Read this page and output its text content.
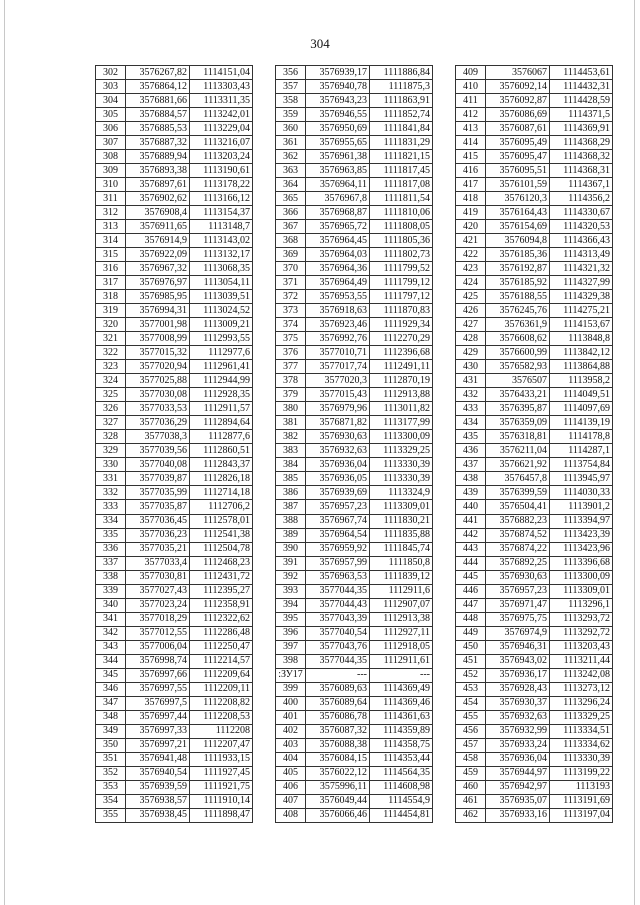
304
302	3576267,82	1114151,04
303	3576864,12	1113303,43
304	3576881,66	1113311,35
305	3576884,57	1113242,01
306	3576885,53	1113229,04
307	3576887,32	1113216,07
308	3576889,94	1113203,24
309	3576893,38	1113190,61
310	3576897,61	1113178,22
311	3576902,62	1113166,12
312	3576908,4	1113154,37
313	3576911,65	1113148,7
314	3576914,9	1113143,02
315	3576922,09	1113132,17
316	3576967,32	1113068,35
317	3576976,97	1113054,11
318	3576985,95	1113039,51
319	3576994,31	1113024,52
320	3577001,98	1113009,21
321	3577008,99	1112993,55
322	3577015,32	1112977,6
323	3577020,94	1112961,41
324	3577025,88	1112944,99
325	3577030,08	1112928,35
326	3577033,53	1112911,57
327	3577036,29	1112894,64
328	3577038,3	1112877,6
329	3577039,56	1112860,51
330	3577040,08	1112843,37
331	3577039,87	1112826,18
332	3577035,99	1112714,18
333	3577035,87	1112706,2
334	3577036,45	1112578,01
335	3577036,23	1112541,38
336	3577035,21	1112504,78
337	3577033,4	1112468,23
338	3577030,81	1112431,72
339	3577027,43	1112395,27
340	3577023,24	1112358,91
341	3577018,29	1112322,62
342	3577012,55	1112286,48
343	3577006,04	1112250,47
344	3576998,74	1112214,57
345	3576997,66	1112209,64
346	3576997,55	1112209,11
347	3576997,5	1112208,82
348	3576997,44	1112208,53
349	3576997,33	1112208
350	3576997,21	1112207,47
351	3576941,48	1111933,15
352	3576940,54	1111927,45
353	3576939,59	1111921,75
354	3576938,57	1111910,14
355	3576938,45	1111898,47
356	3576939,17	1111886,84
357	3576940,78	1111875,3
358	3576943,23	1111863,91
359	3576946,55	1111852,74
360	3576950,69	1111841,84
361	3576955,65	1111831,29
362	3576961,38	1111821,15
363	3576963,85	1111817,45
364	3576964,11	1111817,08
365	3576967,8	1111811,54
366	3576968,87	1111810,06
367	3576965,72	1111808,05
368	3576964,45	1111805,36
369	3576964,03	1111802,73
370	3576964,36	1111799,52
371	3576964,49	1111799,12
372	3576953,55	1111797,12
373	3576918,63	1111870,83
374	3576923,46	1111929,34
375	3576992,76	1112270,29
376	3577010,71	1112396,68
377	3577017,74	1112491,11
378	3577020,3	1112870,19
379	3577015,43	1112913,88
380	3576979,96	1113011,82
381	3576871,82	1113177,99
382	3576930,63	1113300,09
383	3576932,63	1113329,25
384	3576936,04	1113330,39
385	3576936,05	1113330,39
386	3576939,69	1113324,9
387	3576957,23	1113309,01
388	3576967,74	1111830,21
389	3576964,54	1111835,88
390	3576959,92	1111845,74
391	3576957,99	1111850,8
392	3576963,53	1111839,12
393	3577044,35	1112911,6
394	3577044,43	1112907,07
395	3577043,39	1112913,38
396	3577040,54	1112927,11
397	3577043,76	1112918,05
398	3577044,35	1112911,61
:ЗУ17	---	---
399	3576089,63	1114369,49
400	3576089,64	1114369,46
401	3576086,78	1114361,63
402	3576087,32	1114359,89
403	3576088,38	1114358,75
404	3576084,15	1114353,44
405	3576022,12	1114564,35
406	3575996,11	1114608,98
407	3576049,44	1114554,9
408	3576066,46	1114454,81
409	3576067	1114453,61
410	3576092,14	1114432,31
411	3576092,87	1114428,59
412	3576086,69	1114371,5
413	3576087,61	1114369,91
414	3576095,49	1114368,29
415	3576095,47	1114368,32
416	3576095,51	1114368,31
417	3576101,59	1114367,1
418	3576120,3	1114356,2
419	3576164,43	1114330,67
420	3576154,69	1114320,53
421	3576094,8	1114366,43
422	3576185,36	1114313,49
423	3576192,87	1114321,32
424	3576185,92	1114327,99
425	3576188,55	1114329,38
426	3576245,76	1114275,21
427	3576361,9	1114153,67
428	3576608,62	1113848,8
429	3576600,99	1113842,12
430	3576582,93	1113864,88
431	3576507	1113958,2
432	3576433,21	1114049,51
433	3576395,87	1114097,69
434	3576359,09	1114139,19
435	3576318,81	1114178,8
436	3576211,04	1114287,1
437	3576621,92	1113754,84
438	3576457,8	1113945,97
439	3576399,59	1114030,33
440	3576504,41	1113901,2
441	3576882,23	1113394,97
442	3576874,52	1113423,39
443	3576874,22	1113423,96
444	3576892,25	1113396,68
445	3576930,63	1113300,09
446	3576957,23	1113309,01
447	3576971,47	1113296,1
448	3576975,75	1113293,72
449	3576974,9	1113292,72
450	3576946,31	1113203,43
451	3576943,02	1113211,44
452	3576936,17	1113242,08
453	3576928,43	1113273,12
454	3576930,37	1113296,24
455	3576932,63	1113329,25
456	3576932,99	1113334,51
457	3576933,24	1113334,62
458	3576936,04	1113330,39
459	3576944,97	1113199,22
460	3576942,97	1113193
461	3576935,07	1113191,69
462	3576933,16	1113197,04
